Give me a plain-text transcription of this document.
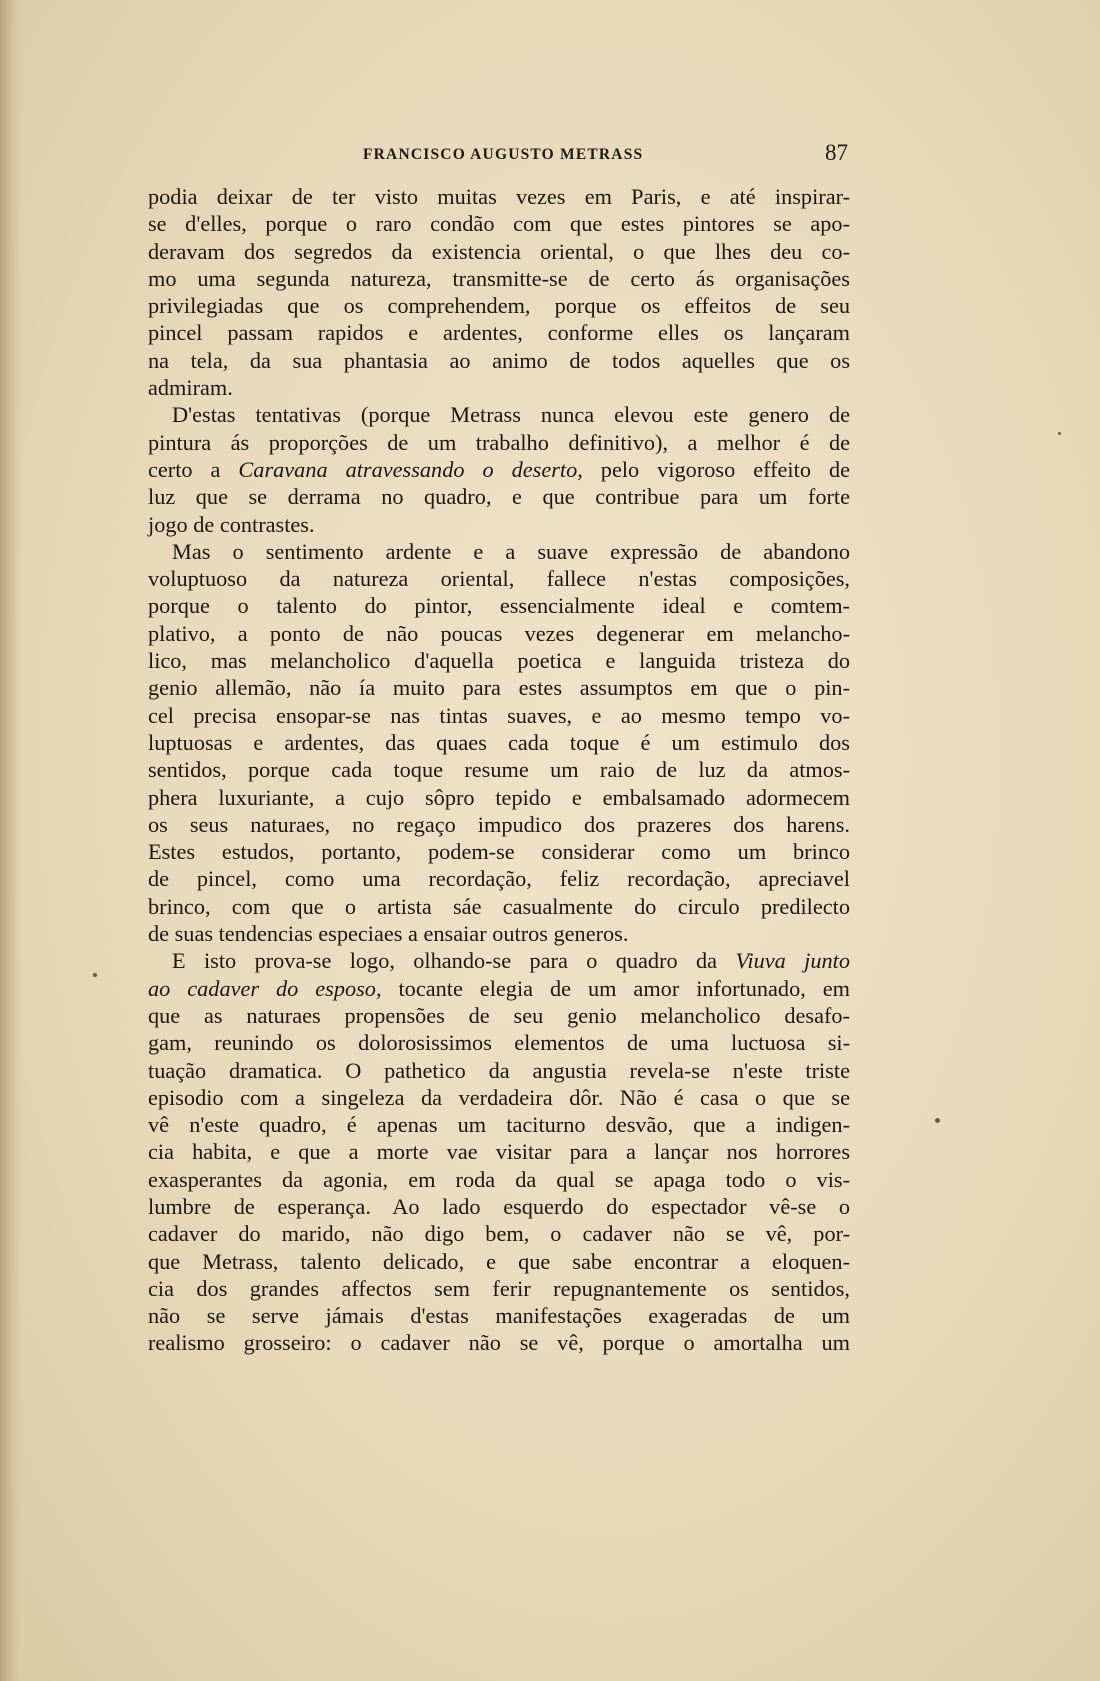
FRANCISCO AUGUSTO METRASS	87
podia deixar de ter visto muitas vezes em Paris, e até inspirar-
se d'elles, porque o raro condão com que estes pintores se apo-
deravam dos segredos da existencia oriental, o que lhes deu co-
mo uma segunda natureza, transmitte-se de certo ás organisações
privilegiadas que os comprehendem, porque os effeitos de seu
pincel passam rapidos e ardentes, conforme elles os lançaram
na tela, da sua phantasia ao animo de todos aquelles que os
admiram.
D'estas tentativas (porque Metrass nunca elevou este genero de
pintura ás proporções de um trabalho definitivo), a melhor é de
certo a Caravana atravessando o deserto, pelo vigoroso effeito de
luz que se derrama no quadro, e que contribue para um forte
jogo de contrastes.
Mas o sentimento ardente e a suave expressão de abandono
voluptuoso da natureza oriental, fallece n'estas composições,
porque o talento do pintor, essencialmente ideal e comtem-
plativo, a ponto de não poucas vezes degenerar em melancho-
lico, mas melancholico d'aquella poetica e languida tristeza do
genio allemão, não ía muito para estes assumptos em que o pin-
cel precisa ensopar-se nas tintas suaves, e ao mesmo tempo vo-
luptuosas e ardentes, das quaes cada toque é um estimulo dos
sentidos, porque cada toque resume um raio de luz da atmos-
phera luxuriante, a cujo sôpro tepido e embalsamado adormecem
os seus naturaes, no regaço impudico dos prazeres dos harens.
Estes estudos, portanto, podem-se considerar como um brinco
de pincel, como uma recordação, feliz recordação, apreciavel
brinco, com que o artista sáe casualmente do circulo predilecto
de suas tendencias especiaes a ensaiar outros generos.
E isto prova-se logo, olhando-se para o quadro da Viuva junto
ao cadaver do esposo, tocante elegia de um amor infortunado, em
que as naturaes propensões de seu genio melancholico desafo-
gam, reunindo os dolorosissimos elementos de uma luctuosa si-
tuação dramatica. O pathetico da angustia revela-se n'este triste
episodio com a singeleza da verdadeira dôr. Não é casa o que se
vê n'este quadro, é apenas um taciturno desvão, que a indigen-
cia habita, e que a morte vae visitar para a lançar nos horrores
exasperantes da agonia, em roda da qual se apaga todo o vis-
lumbre de esperança. Ao lado esquerdo do espectador vê-se o
cadaver do marido, não digo bem, o cadaver não se vê, por-
que Metrass, talento delicado, e que sabe encontrar a eloquen-
cia dos grandes affectos sem ferir repugnantemente os sentidos,
não se serve jámais d'estas manifestações exageradas de um
realismo grosseiro: o cadaver não se vê, porque o amortalha um
